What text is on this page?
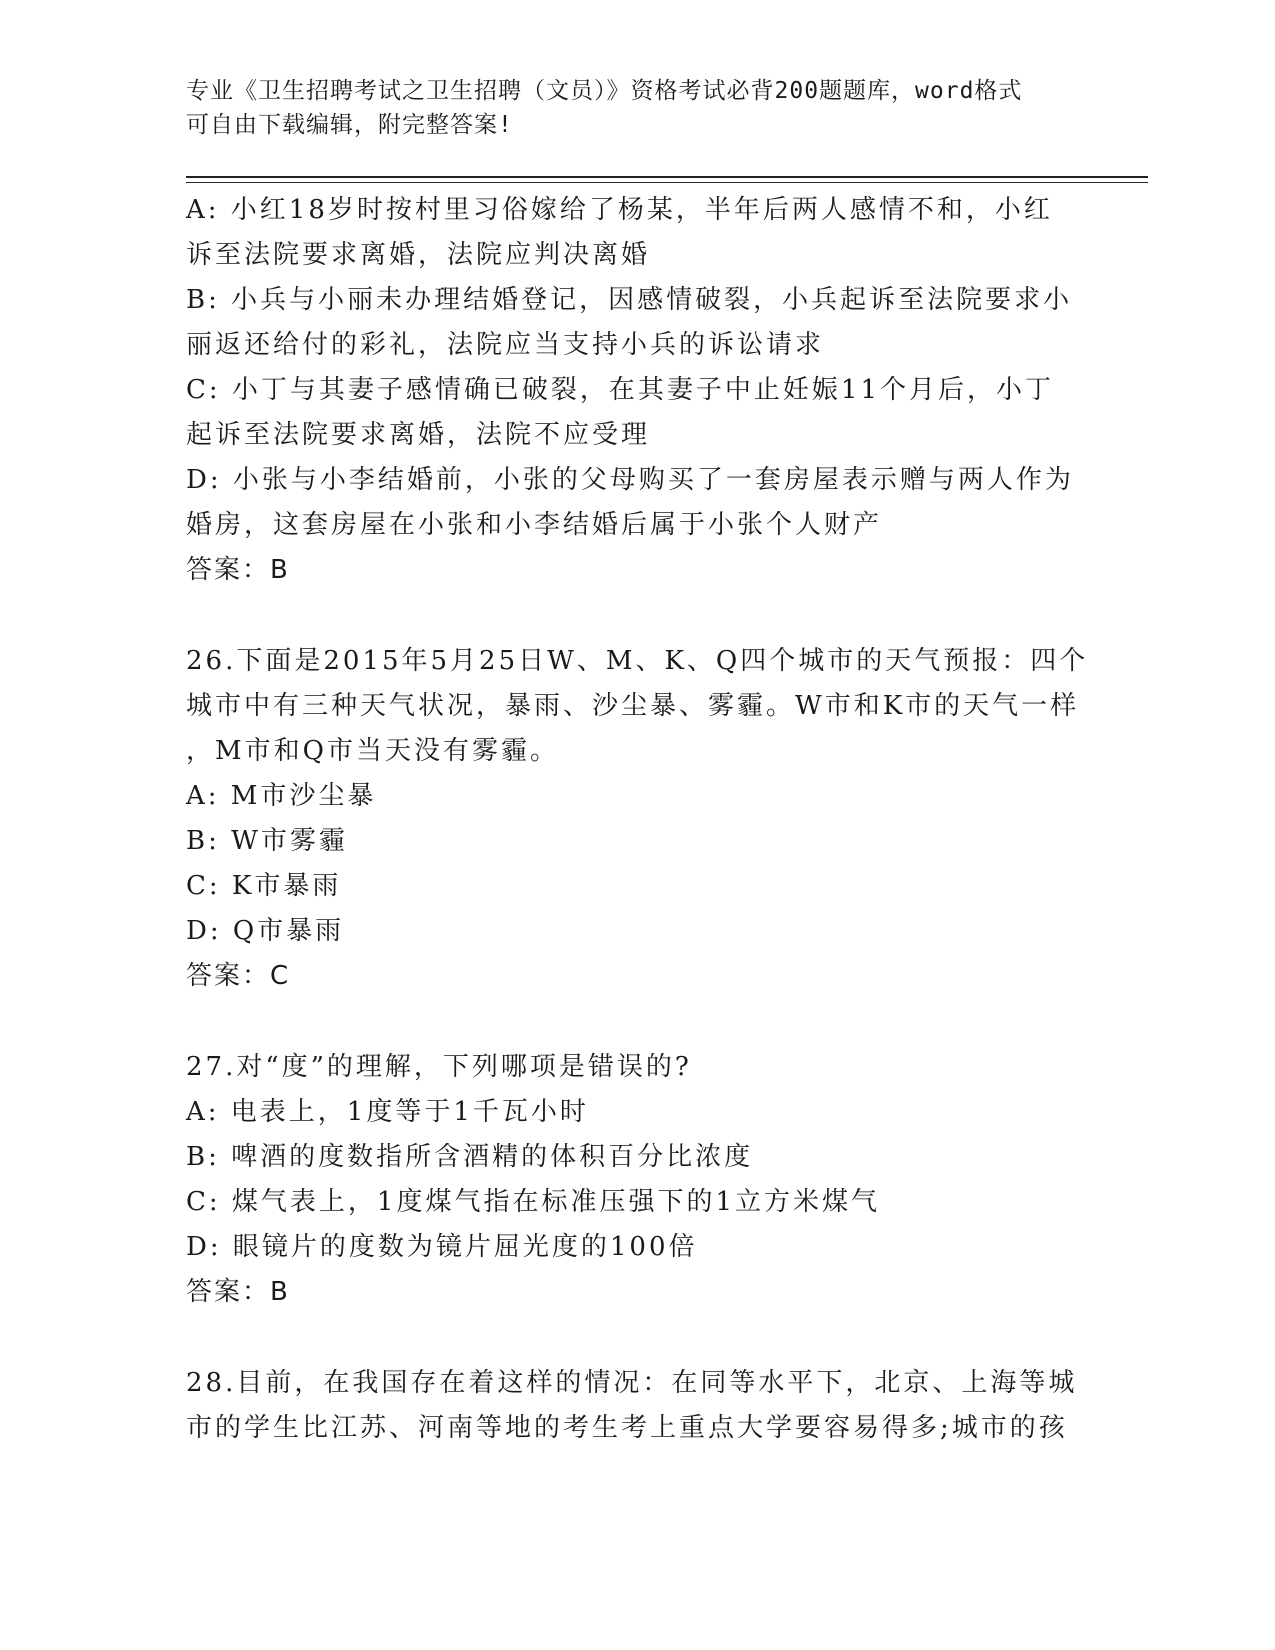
专业《卫生招聘考试之卫生招聘（文员）》资格考试必背200题题库，word格式
可自由下载编辑，附完整答案!
A: 小红18岁时按村里习俗嫁给了杨某，半年后两人感情不和，小红
诉至法院要求离婚，法院应判决离婚
B: 小兵与小丽未办理结婚登记，因感情破裂，小兵起诉至法院要求小
丽返还给付的彩礼，法院应当支持小兵的诉讼请求
C: 小丁与其妻子感情确已破裂，在其妻子中止妊娠11个月后，小丁
起诉至法院要求离婚，法院不应受理
D: 小张与小李结婚前，小张的父母购买了一套房屋表示赠与两人作为
婚房，这套房屋在小张和小李结婚后属于小张个人财产
答案：B
26.下面是2015年5月25日W、M、K、Q四个城市的天气预报：四个
城市中有三种天气状况，暴雨、沙尘暴、雾霾。W市和K市的天气一样
，M市和Q市当天没有雾霾。
A: M市沙尘暴
B: W市雾霾
C: K市暴雨
D: Q市暴雨
答案：C
27.对“度”的理解，下列哪项是错误的?
A: 电表上，1度等于1千瓦小时
B: 啤酒的度数指所含酒精的体积百分比浓度
C: 煤气表上，1度煤气指在标准压强下的1立方米煤气
D: 眼镜片的度数为镜片屈光度的100倍
答案：B
28.目前，在我国存在着这样的情况：在同等水平下，北京、上海等城
市的学生比江苏、河南等地的考生考上重点大学要容易得多;城市的孩
